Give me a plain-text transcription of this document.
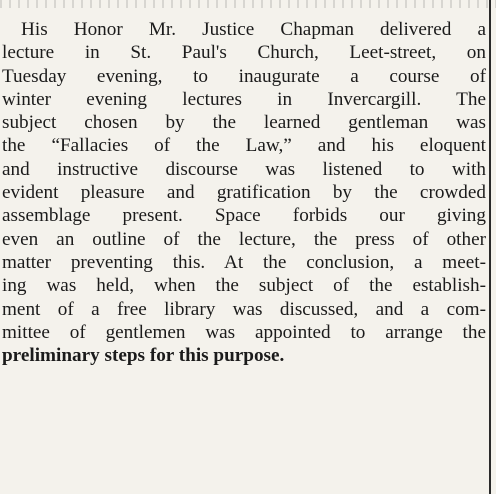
His Honor Mr. Justice Chapman delivered a
lecture in St. Paul's Church, Leet-street, on
Tuesday evening, to inaugurate a course of
winter evening lectures in Invercargill. The
subject chosen by the learned gentleman was
the “Fallacies of the Law,” and his eloquent
and instructive discourse was listened to with
evident pleasure and gratification by the crowded
assemblage present. Space forbids our giving
even an outline of the lecture, the press of other
matter preventing this. At the conclusion, a meet-
ing was held, when the subject of the establish-
ment of a free library was discussed, and a com-
mittee of gentlemen was appointed to arrange the
preliminary steps for this purpose.
